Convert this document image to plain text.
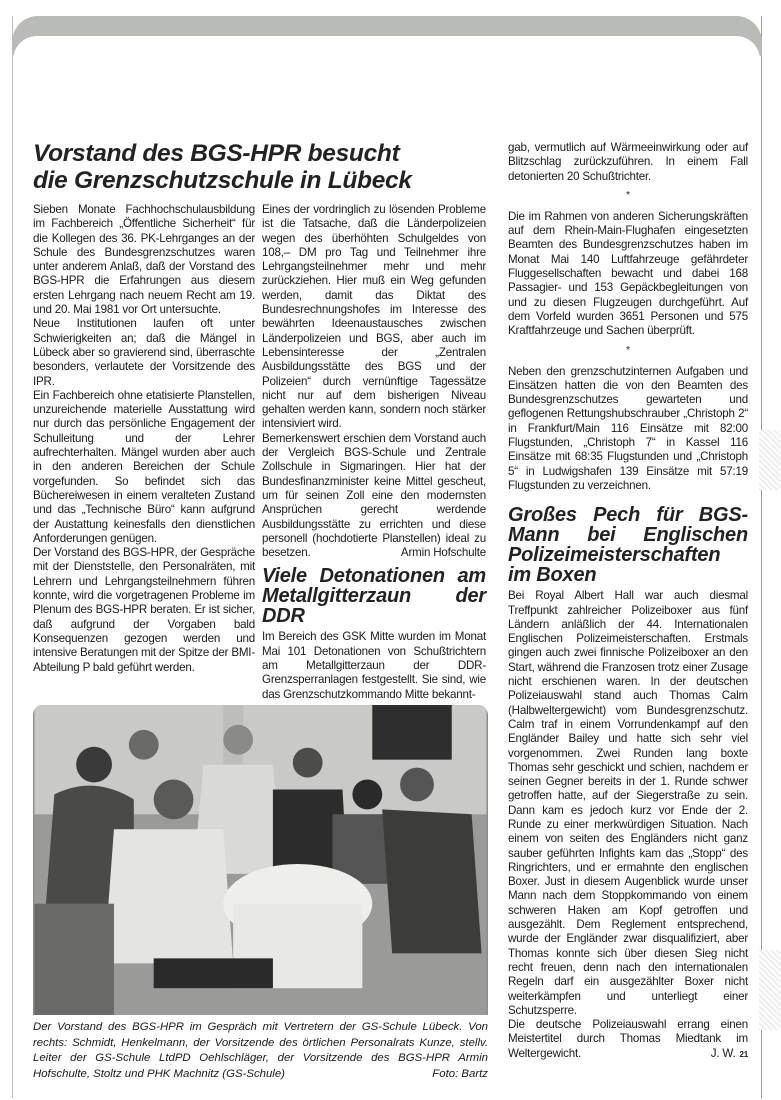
Vorstand des BGS-HPR besucht
die Grenzschutzschule in Lübeck

Sieben Monate Fachhochschulausbildung im Fachbereich „Öffentliche Sicherheit“ für die Kollegen des 36. PK-Lehrganges an der Schule des Bundesgrenzschutzes waren unter anderem Anlaß, daß der Vorstand des BGS-HPR die Erfahrungen aus diesem ersten Lehrgang nach neuem Recht am 19. und 20. Mai 1981 vor Ort untersuchte.

Neue Institutionen laufen oft unter Schwierigkeiten an; daß die Mängel in Lübeck aber so gravierend sind, überraschte besonders, verlautete der Vorsitzende des IPR.

Ein Fachbereich ohne etatisierte Planstellen, unzureichende materielle Ausstattung wird nur durch das persönliche Engagement der Schulleitung und der Lehrer aufrechterhalten. Mängel wurden aber auch in den anderen Bereichen der Schule vorgefunden. So befindet sich das Büchereiwesen in einem veralteten Zustand und das „Technische Büro“ kann aufgrund der Austattung keinesfalls den dienstlichen Anforderungen genügen.

Der Vorstand des BGS-HPR, der Gespräche mit der Dienststelle, den Personalräten, mit Lehrern und Lehrgangsteilnehmern führen konnte, wird die vorgetragenen Probleme im Plenum des BGS-HPR beraten. Er ist sicher, daß aufgrund der Vorgaben bald Konsequenzen gezogen werden und intensive Beratungen mit der Spitze der BMI-Abteilung P bald geführt werden.

Eines der vordringlich zu lösenden Probleme ist die Tatsache, daß die Länderpolizeien wegen des überhöhten Schulgeldes von 108,– DM pro Tag und Teilnehmer ihre Lehrgangsteilnehmer mehr und mehr zurückziehen. Hier muß ein Weg gefunden werden, damit das Diktat des Bundesrechnungshofes im Interesse des bewährten Ideenaustausches zwischen Länderpolizeien und BGS, aber auch im Lebensinteresse der „Zentralen Ausbildungsstätte des BGS und der Polizeien“ durch vernünftige Tagessätze nicht nur auf dem bisherigen Niveau gehalten werden kann, sondern noch stärker intensiviert wird.

Bemerkenswert erschien dem Vorstand auch der Vergleich BGS-Schule und Zentrale Zollschule in Sigmaringen. Hier hat der Bundesfinanzminister keine Mittel gescheut, um für seinen Zoll eine den modernsten Ansprüchen gerecht werdende Ausbildungsstätte zu errichten und diese personell (hochdotierte Planstellen) ideal zu besetzen.	Armin Hofschulte

Viele Detonationen am Metallgitterzaun der DDR

Im Bereich des GSK Mitte wurden im Monat Mai 101 Detonationen von Schußtrichtern am Metallgitterzaun der DDR-Grenzsperranlagen festgestellt. Sie sind, wie das Grenzschutzkommando Mitte bekannt-

gab, vermutlich auf Wärmeeinwirkung oder auf Blitzschlag zurückzuführen. In einem Fall detonierten 20 Schußtrichter.

*

Die im Rahmen von anderen Sicherungskräften auf dem Rhein-Main-Flughafen eingesetzten Beamten des Bundesgrenzschutzes haben im Monat Mai 140 Luftfahrzeuge gefährdeter Fluggesellschaften bewacht und dabei 168 Passagier- und 153 Gepäckbegleitungen von und zu diesen Flugzeugen durchgeführt. Auf dem Vorfeld wurden 3651 Personen und 575 Kraftfahrzeuge und Sachen überprüft.

*

Neben den grenzschutzinternen Aufgaben und Einsätzen hatten die von den Beamten des Bundesgrenzschutzes gewarteten und geflogenen Rettungshubschrauber „Christoph 2“ in Frankfurt/Main 116 Einsätze mit 82:00 Flugstunden, „Christoph 7“ in Kassel 116 Einsätze mit 68:35 Flugstunden und „Christoph 5“ in Ludwigshafen 139 Einsätze mit 57:19 Flugstunden zu verzeichnen.

Großes Pech für BGS-Mann bei Englischen Polizeimeisterschaften im Boxen

Bei Royal Albert Hall war auch diesmal Treffpunkt zahlreicher Polizeiboxer aus fünf Ländern anläßlich der 44. Internationalen Englischen Polizeimeisterschaften. Erstmals gingen auch zwei finnische Polizeiboxer an den Start, während die Franzosen trotz einer Zusage nicht erschienen waren. In der deutschen Polizeiauswahl stand auch Thomas Calm (Halbweltergewicht) vom Bundesgrenzschutz. Calm traf in einem Vorrundenkampf auf den Engländer Bailey und hatte sich sehr viel vorgenommen. Zwei Runden lang boxte Thomas sehr geschickt und schien, nachdem er seinen Gegner bereits in der 1. Runde schwer getroffen hatte, auf der Siegerstraße zu sein. Dann kam es jedoch kurz vor Ende der 2. Runde zu einer merkwürdigen Situation. Nach einem von seiten des Engländers nicht ganz sauber geführten Infights kam das „Stopp“ des Ringrichters, und er ermahnte den englischen Boxer. Just in diesem Augenblick wurde unser Mann nach dem Stoppkommando von einem schweren Haken am Kopf getroffen und ausgezählt. Dem Reglement entsprechend, wurde der Engländer zwar disqualifiziert, aber Thomas konnte sich über diesen Sieg nicht recht freuen, denn nach den internationalen Regeln darf ein ausgezählter Boxer nicht weiterkämpfen und unterliegt einer Schutzsperre.

Die deutsche Polizeiauswahl errang einen Meistertitel durch Thomas Miedtank im Weltergewicht.	J. W. 21

Der Vorstand des BGS-HPR im Gespräch mit Vertretern der GS-Schule Lübeck. Von rechts: Schmidt, Henkelmann, der Vorsitzende des örtlichen Personalrats Kunze, stellv. Leiter der GS-Schule LtdPD Oehlschläger, der Vorsitzende des BGS-HPR Armin Hofschulte, Stoltz und PHK Machnitz (GS-Schule)	Foto: Bartz
